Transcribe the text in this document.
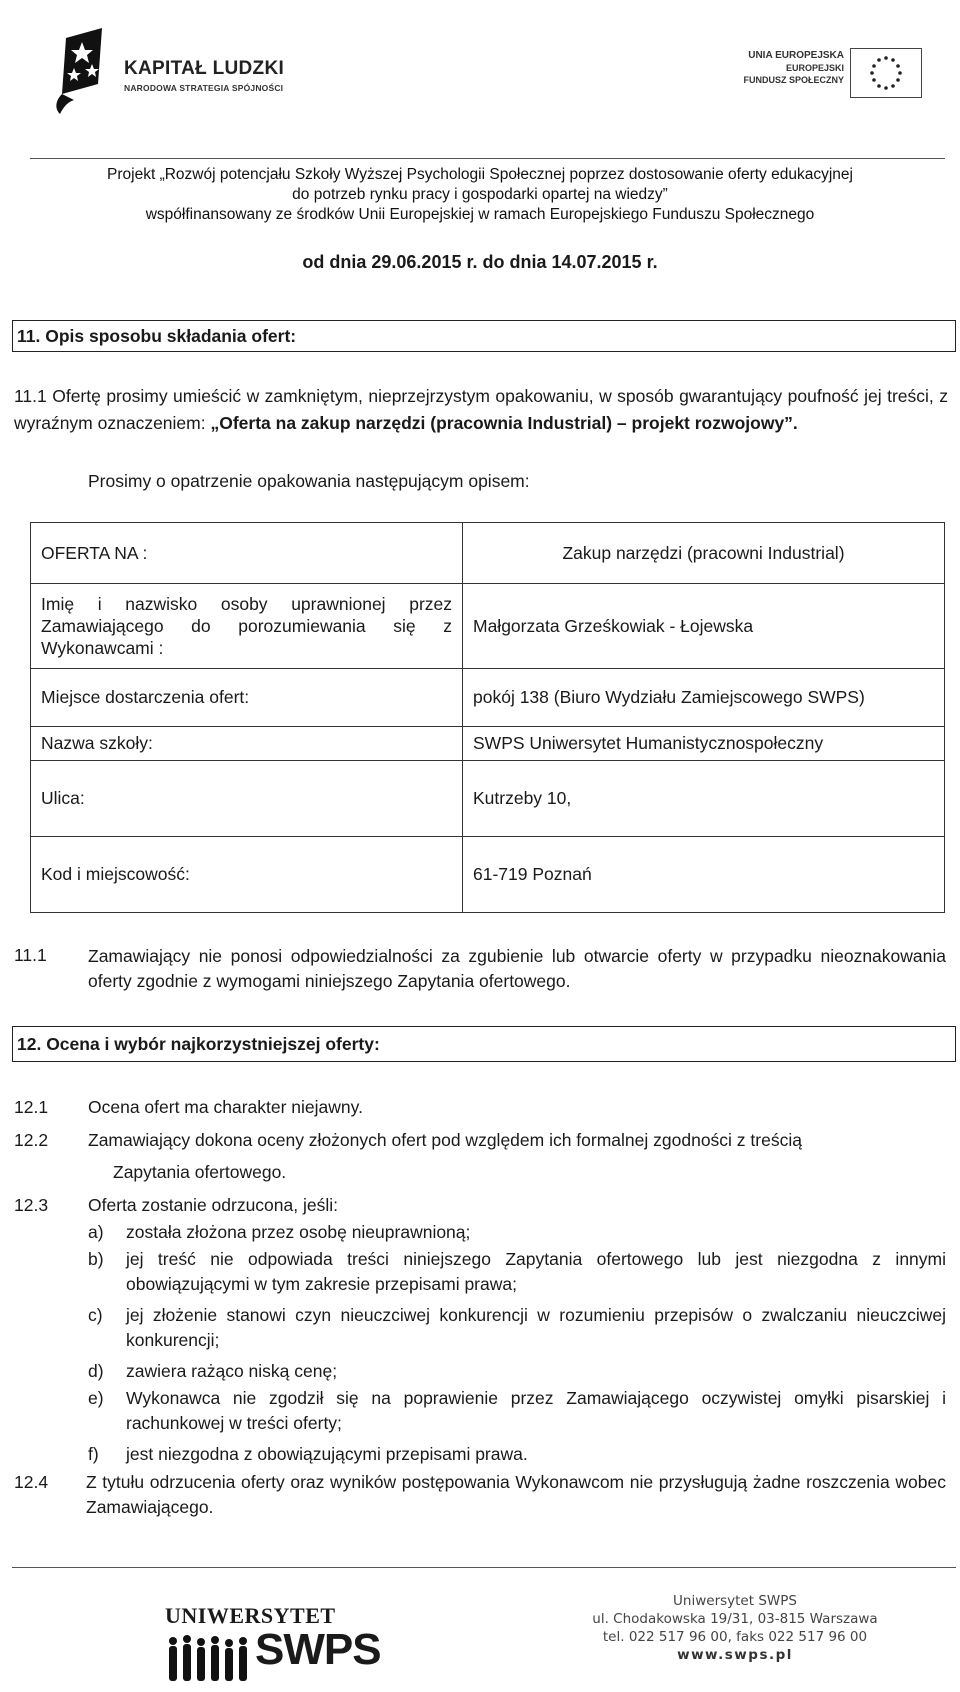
KAPITAŁ LUDZKI
NARODOWA STRATEGIA SPÓJNOŚCI
UNIA EUROPEJSKA
EUROPEJSKI
FUNDUSZ SPOŁECZNY
Projekt „Rozwój potencjału Szkoły Wyższej Psychologii Społecznej poprzez dostosowanie oferty edukacyjnej
do potrzeb rynku pracy i gospodarki opartej na wiedzy”
współfinansowany ze środków Unii Europejskiej w ramach Europejskiego Funduszu Społecznego
od dnia 29.06.2015 r. do dnia 14.07.2015 r.
11. Opis sposobu składania ofert:
11.1 Ofertę prosimy umieścić w zamkniętym, nieprzejrzystym opakowaniu, w sposób gwarantujący poufność jej treści, z wyraźnym oznaczeniem: „Oferta na zakup narzędzi (pracownia Industrial) – projekt rozwojowy”.
Prosimy o opatrzenie opakowania następującym opisem:
OFERTA NA :	Zakup narzędzi (pracowni Industrial)
Imię i nazwisko osoby uprawnionej przez Zamawiającego do porozumiewania się z Wykonawcami :	Małgorzata Grześkowiak - Łojewska
Miejsce dostarczenia ofert:	pokój 138 (Biuro Wydziału Zamiejscowego SWPS)
Nazwa szkoły:	SWPS Uniwersytet Humanistycznospołeczny
Ulica:	Kutrzeby 10,
Kod i miejscowość:	61-719 Poznań
11.1 Zamawiający nie ponosi odpowiedzialności za zgubienie lub otwarcie oferty w przypadku nieoznakowania oferty zgodnie z wymogami niniejszego Zapytania ofertowego.
12. Ocena i wybór najkorzystniejszej oferty:
12.1 Ocena ofert ma charakter niejawny.
12.2 Zamawiający dokona oceny złożonych ofert pod względem ich formalnej zgodności z treścią
Zapytania ofertowego.
12.3 Oferta zostanie odrzucona, jeśli:
a) została złożona przez osobę nieuprawnioną;
b) jej treść nie odpowiada treści niniejszego Zapytania ofertowego lub jest niezgodna z innymi obowiązującymi w tym zakresie przepisami prawa;
c) jej złożenie stanowi czyn nieuczciwej konkurencji w rozumieniu przepisów o zwalczaniu nieuczciwej konkurencji;
d) zawiera rażąco niską cenę;
e) Wykonawca nie zgodził się na poprawienie przez Zamawiającego oczywistej omyłki pisarskiej i rachunkowej w treści oferty;
f) jest niezgodna z obowiązującymi przepisami prawa.
12.4 Z tytułu odrzucenia oferty oraz wyników postępowania Wykonawcom nie przysługują żadne roszczenia wobec Zamawiającego.
UNIWERSYTET
SWPS
Uniwersytet SWPS
ul. Chodakowska 19/31, 03-815 Warszawa
tel. 022 517 96 00, faks 022 517 96 00
www.swps.pl
